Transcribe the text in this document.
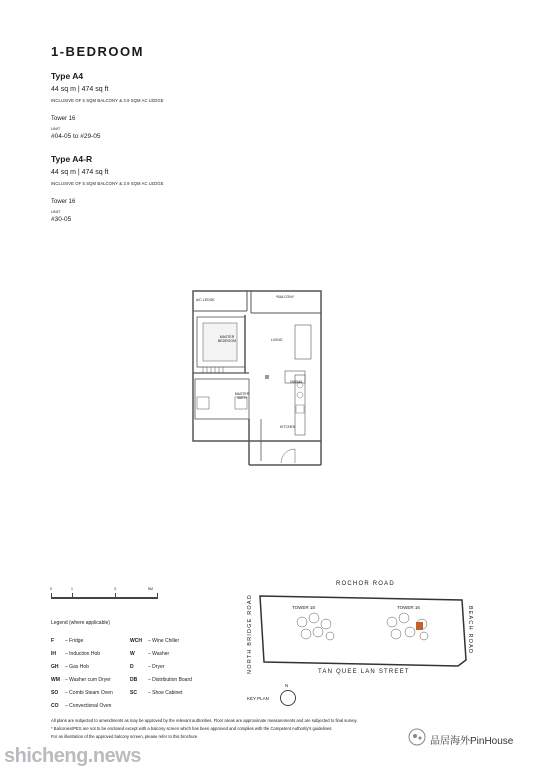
1-BEDROOM
Type A4
44 sq m | 474 sq ft
INCLUSIVE OF 5 SQM BALCONY & 3.9 SQM AC LEDGE
Tower 16
UNIT
#04-05 to #29-05
Type A4-R
44 sq m | 474 sq ft
INCLUSIVE OF 5 SQM BALCONY & 3.9 SQM AC LEDGE
Tower 16
UNIT
#30-05
A/C LEDGE
*BALCONY
MASTER BEDROOM	LIVING
DINING
MASTER BATH
KITCHEN
0	1	3	5M
Legend (where applicable)
F – Fridge
IH – Induction Hob
GH – Gas Hob
WM – Washer cum Dryer
SO – Combi Steam Oven
CO – Convectional Oven
WCH – Wine Chiller
W	– Washer
D	– Dryer
DB – Distribution Board
SC – Shoe Cabinet
ROCHOR ROAD
TAN QUEE LAN STREET
NORTH BRIDGE ROAD	BEACH ROAD
TOWER 18	TOWER 16
KEY PLAN
N
All plans are subjected to amendments as may be approved by the relevant authorities. Floor areas are approximate measurements and are subjected to final survey.
* Balconies/PES are not to be enclosed except with a balcony screen which has been approved and complies with the Competent Authority's guidelines.
For an illustration of the approved balcony screen, please refer to this brochure.
shicheng.news
品居海外PinHouse
